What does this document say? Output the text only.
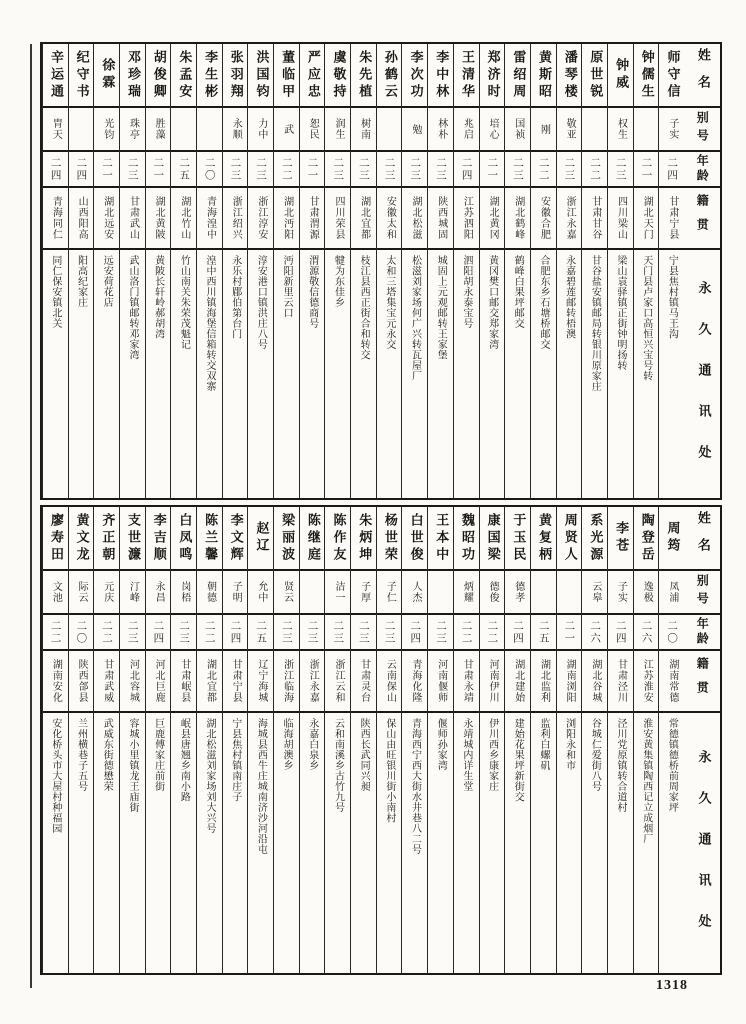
姓名
别号
年龄
籍贯
永久通讯处
师守信
子实
二四
甘肃宁县
宁县焦村镇马王沟
钟儒生
二一
湖北天门
天门县卢家口高恒兴宝号转
钟威
权生
二三
四川梁山
梁山袁驿镇正街钟明扬转
原世锐
二二
甘肃甘谷
甘谷盐安镇邮局转银川原家庄
潘琴楼
敬亚
二三
浙江永嘉
永嘉碧莲邮转梧澳
黄斯昭
刚
二二
安徽合肥
合肥东乡石塘桥邮交
雷绍周
国祯
二三
湖北鹤峰
鹤峰白果坪邮交
郑济时
培心
二一
湖北黄冈
黄冈樊口邮交郑家湾
王清华
兆启
二四
江苏泗阳
泗阳胡永泰宝号
李中林
林朴
二三
陕西城固
城固上元观邮转王家堡
李次功
勉
二三
湖北松滋
松滋刘家场何广兴转瓦屋厂
孙鹤云
二三
安徽太和
太和三塔集宝元永交
朱先植
树南
二三
湖北宜都
枝江县西正街合和转交
虞敬持
润生
二三
四川荣县
犍为东佳乡
严应忠
恕民
二一
甘肃渭源
渭源敬信德商号
董临甲
武
二二
湖北沔阳
沔阳新里云口
洪国钧
力中
二三
浙江淳安
淳安港口镇洪庄八号
张羽翔
永顺
二三
浙江绍兴
永乐村郿伯第台门
李生彬
二〇
青海湟中
湟中西川镇海堡信箱转交双寨
朱孟安
二五
湖北竹山
竹山南关朱荣茂魁记
胡俊卿
胜藻
二一
湖北黄陂
黄陂长轩岭郝胡湾
邓珍瑞
珠亭
二三
甘肃武山
武山洛门镇邮转邓家湾
徐霖
光钧
二一
湖北远安
远安荷花店
纪守书
二四
山西阳高
阳高纪家庄
辛运通
胄天
二四
青海同仁
同仁保安镇北关
姓名
别号
年龄
籍贯
永久通讯处
周筠
凤浦
二〇
湖南常德
常德镇德桥前周家坪
陶登岳
逸极
二六
江苏淮安
淮安黄集镇陶西记立成烟厂
李苍
子实
二四
甘肃泾川
泾川党原镇转合道村
系光源
云皋
二六
湖北谷城
谷城仁爱街八号
周贤人
二一
湖南浏阳
浏阳永和市
黄复柄
二五
湖北监利
监利白螺矶
于玉民
德孝
二四
湖北建始
建始花果坪新街交
康国梁
德俊
二二
河南伊川
伊川西乡康家庄
魏昭功
炳耀
二二
甘肃永靖
永靖城内详生堂
王本中
二三
河南偃师
偃师孙家湾
白世俊
人杰
二四
青海化隆
青海西宁西大街水井巷八二号
杨世荣
子仁
二三
云南保山
保山由旺银川街小南村
朱炳坤
子厚
二三
甘肃灵台
陕西长武同兴昶
陈作友
洁一
二三
浙江云和
云和南溪乡古竹九号
陈继庭
二三
浙江永嘉
永嘉白泉乡
梁丽波
贤云
二三
浙江临海
临海胡澳乡
赵辽
允中
二五
辽宁海城
海城县西牛庄城南济沙河沿屯
李文辉
子明
二四
甘肃宁县
宁县焦村镇南庄子
陈兰馨
朝德
二二
湖北宜都
湖北松滋刘家场刘大兴号
白凤鸣
岗梧
二三
甘肃岷县
岷县唐翘乡南小路
李吉顺
永昌
二四
河北巨鹿
巨鹿傅家庄前街
支世濂
汀峰
二三
河北容城
容城小里镇龙王庙街
齐正朝
元庆
二二
甘肃武威
武威东街德懋荣
黄文龙
际云
二〇
陕西郃县
兰州横巷子五号
廖寿田
文池
二二
湖南安化
安化桥头市大屋村种福园
1318
